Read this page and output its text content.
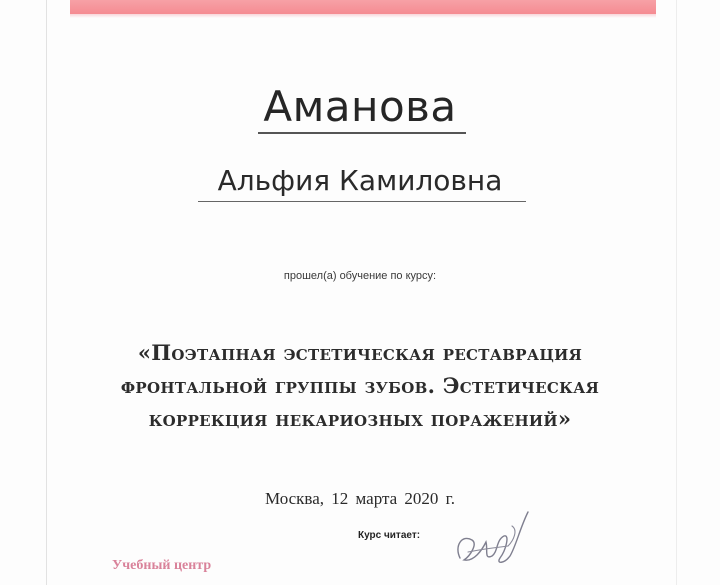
Аманова
Альфия Камиловна
прошел(а) обучение по курсу:
«Поэтапная эстетическая реставрация
фронтальной группы зубов. Эстетическая
коррекция некариозных поражений»
Москва, 12 марта 2020 г.
Курс читает:
Учебный центр
